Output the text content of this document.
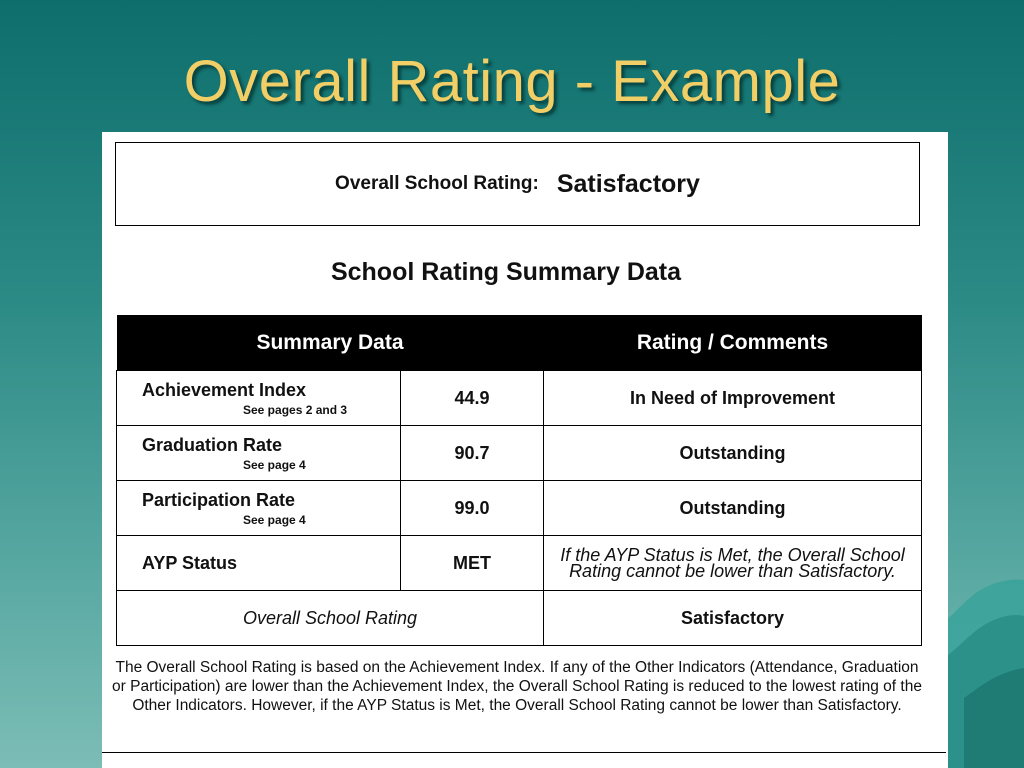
Overall Rating - Example
Overall School Rating: Satisfactory
School Rating Summary Data
Summary Data		Rating / Comments

Achievement Index
See pages 2 and 3	44.9	In Need of Improvement

Graduation Rate
See page 4	90.7	Outstanding

Participation Rate
See page 4	99.0	Outstanding

AYP Status	MET	If the AYP Status is Met, the Overall School Rating cannot be lower than Satisfactory.
Overall School Rating		Satisfactory
The Overall School Rating is based on the Achievement Index. If any of the Other Indicators (Attendance, Graduation or Participation) are lower than the Achievement Index, the Overall School Rating is reduced to the lowest rating of the Other Indicators. However, if the AYP Status is Met, the Overall School Rating cannot be lower than Satisfactory.
